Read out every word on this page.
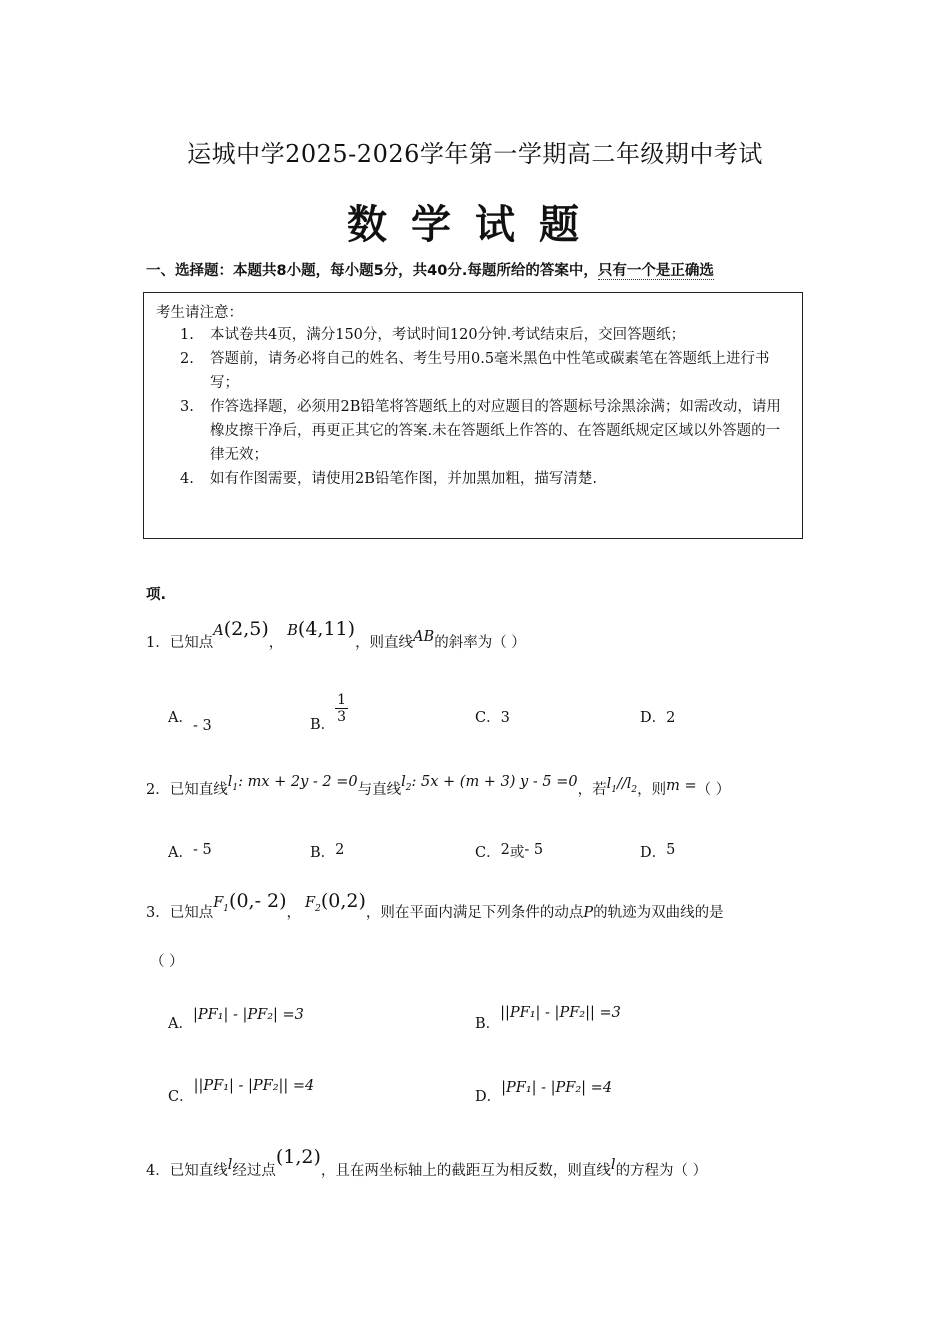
运城中学2025-2026学年第一学期高二年级期中考试
数学试题
一、选择题：本题共8小题，每小题5分，共40分.每题所给的答案中，只有一个是正确选
考生请注意：
1. 本试卷共4页，满分150分，考试时间120分钟.考试结束后，交回答题纸；
2. 答题前，请务必将自己的姓名、考生号用0.5毫米黑色中性笔或碳素笔在答题纸上进行书写；
3. 作答选择题，必须用2B铅笔将答题纸上的对应题目的答题标号涂黑涂满；如需改动，请用橡皮擦干净后，再更正其它的答案.未在答题纸上作答的、在答题纸规定区域以外答题的一律无效；
4. 如有作图需要，请使用2B铅笔作图，并加黑加粗，描写清楚.
项.
1．已知点A(2,5)，B(4,11)，则直线AB的斜率为（ ）
A．- 3	B． $\frac{1}{3}$	C．3	D．2
2．已知直线$l_1$: mx + 2y - 2 =0与直线$l_2$: 5x + (m + 3) y - 5 =0，若$l_1//l_2$，则m =（ ）
A．- 5	B．2	C．2或- 5	D．5
3．已知点$F_1(0,-$ 2)，$F_2(0,2)$，则在平面内满足下列条件的动点P的轨迹为双曲线的是
（ ）
A．|PF₁| - |PF₂| =3
B．||PF₁| - |PF₂|| =3
C．||PF₁| - |PF₂|| =4
D．|PF₁| - |PF₂| =4
4．已知直线l经过点(1,2)，且在两坐标轴上的截距互为相反数，则直线l的方程为（ ）
